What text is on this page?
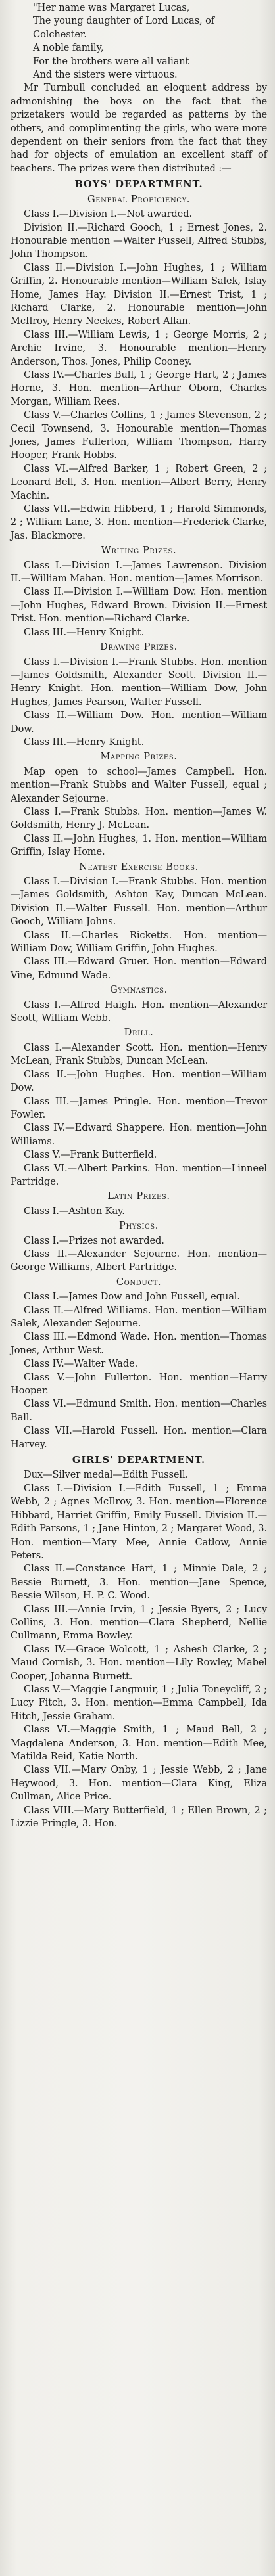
"Her name was Margaret Lucas,

The young daughter of Lord Lucas, of

Colchester.

A noble family,

For the brothers were all valiant

And the sisters were virtuous.

Mr Turnbull concluded an eloquent address by admonishing the boys on the fact that the prizetakers would be regarded as patterns by the others, and complimenting the girls, who were more dependent on their seniors from the fact that they had for objects of emulation an excellent staff of teachers. The prizes were then distributed :—

BOYS' DEPARTMENT.

General Proficiency.

Class I.—Division I.—Not awarded.

Division II.—Richard Gooch, 1 ; Ernest Jones, 2. Honourable mention —Walter Fussell, Alfred Stubbs, John Thompson.

Class II.—Division I.—John Hughes, 1 ; William Griffin, 2. Honourable mention—William Salek, Islay Home, James Hay. Division II.—Ernest Trist, 1 ; Richard Clarke, 2. Honourable mention—John McIlroy, Henry Neekes, Robert Allan.

Class III.—William Lewis, 1 ; George Morris, 2 ; Archie Irvine, 3. Honourable mention—Henry Anderson, Thos. Jones, Philip Cooney.

Class IV.—Charles Bull, 1 ; George Hart, 2 ; James Horne, 3. Hon. mention—Arthur Oborn, Charles Morgan, William Rees.

Class V.—Charles Collins, 1 ; James Stevenson, 2 ; Cecil Townsend, 3. Honourable mention—Thomas Jones, James Fullerton, William Thompson, Harry Hooper, Frank Hobbs.

Class VI.—Alfred Barker, 1 ; Robert Green, 2 ; Leonard Bell, 3. Hon. mention—Albert Berry, Henry Machin.

Class VII.—Edwin Hibberd, 1 ; Harold Simmonds, 2 ; William Lane, 3. Hon. mention—Frederick Clarke, Jas. Blackmore.

Writing Prizes.

Class I.—Division I.—James Lawrenson. Division II.—William Mahan. Hon. mention—James Morrison.

Class II.—Division I.—William Dow. Hon. mention—John Hughes, Edward Brown. Division II.—Ernest Trist. Hon. mention—Richard Clarke.

Class III.—Henry Knight.

Drawing Prizes.

Class I.—Division I.—Frank Stubbs. Hon. mention—James Goldsmith, Alexander Scott. Division II.—Henry Knight. Hon. mention—William Dow, John Hughes, James Pearson, Walter Fussell.

Class II.—William Dow. Hon. mention—William Dow.

Class III.—Henry Knight.

Mapping Prizes.

Map open to school—James Campbell. Hon. mention—Frank Stubbs and Walter Fussell, equal ; Alexander Sejourne.

Class I.—Frank Stubbs. Hon. mention—James W. Goldsmith, Henry J. McLean.

Class II.—John Hughes, 1. Hon. mention—William Griffin, Islay Home.

Neatest Exercise Books.

Class I.—Division I.—Frank Stubbs. Hon. mention—James Goldsmith, Ashton Kay, Duncan McLean. Division II.—Walter Fussell. Hon. mention—Arthur Gooch, William Johns.

Class II.—Charles Ricketts. Hon. mention—William Dow, William Griffin, John Hughes.

Class III.—Edward Gruer. Hon. mention—Edward Vine, Edmund Wade.

Gymnastics.

Class I.—Alfred Haigh. Hon. mention—Alexander Scott, William Webb.

Drill.

Class I.—Alexander Scott. Hon. mention—Henry McLean, Frank Stubbs, Duncan McLean.

Class II.—John Hughes. Hon. mention—William Dow.

Class III.—James Pringle. Hon. mention—Trevor Fowler.

Class IV.—Edward Shappere. Hon. mention—John Williams.

Class V.—Frank Butterfield.

Class VI.—Albert Parkins. Hon. mention—Linneel Partridge.

Latin Prizes.

Class I.—Ashton Kay.

Physics.

Class I.—Prizes not awarded.

Class II.—Alexander Sejourne. Hon. mention—George Williams, Albert Partridge.

Conduct.

Class I.—James Dow and John Fussell, equal.

Class II.—Alfred Williams. Hon. mention—William Salek, Alexander Sejourne.

Class III.—Edmond Wade. Hon. mention—Thomas Jones, Arthur West.

Class IV.—Walter Wade.

Class V.—John Fullerton. Hon. mention—Harry Hooper.

Class VI.—Edmund Smith. Hon. mention—Charles Ball.

Class VII.—Harold Fussell. Hon. mention—Clara Harvey.

GIRLS' DEPARTMENT.

Dux—Silver medal—Edith Fussell.

Class I.—Division I.—Edith Fussell, 1 ; Emma Webb, 2 ; Agnes McIlroy, 3. Hon. mention—Florence Hibbard, Harriet Griffin, Emily Fussell. Division II.—Edith Parsons, 1 ; Jane Hinton, 2 ; Margaret Wood, 3. Hon. mention—Mary Mee, Annie Catlow, Annie Peters.

Class II.—Constance Hart, 1 ; Minnie Dale, 2 ; Bessie Burnett, 3. Hon. mention—Jane Spence, Bessie Wilson, H. P. C. Wood.

Class III.—Annie Irvin, 1 ; Jessie Byers, 2 ; Lucy Collins, 3. Hon. mention—Clara Shepherd, Nellie Cullmann, Emma Bowley.

Class IV.—Grace Wolcott, 1 ; Ashesh Clarke, 2 ; Maud Cornish, 3. Hon. mention—Lily Rowley, Mabel Cooper, Johanna Burnett.

Class V.—Maggie Langmuir, 1 ; Julia Toneycliff, 2 ; Lucy Fitch, 3. Hon. mention—Emma Campbell, Ida Hitch, Jessie Graham.

Class VI.—Maggie Smith, 1 ; Maud Bell, 2 ; Magdalena Anderson, 3. Hon. mention—Edith Mee, Matilda Reid, Katie North.

Class VII.—Mary Onby, 1 ; Jessie Webb, 2 ; Jane Heywood, 3. Hon. mention—Clara King, Eliza Cullman, Alice Price.

Class VIII.—Mary Butterfield, 1 ; Ellen Brown, 2 ; Lizzie Pringle, 3. Hon.
